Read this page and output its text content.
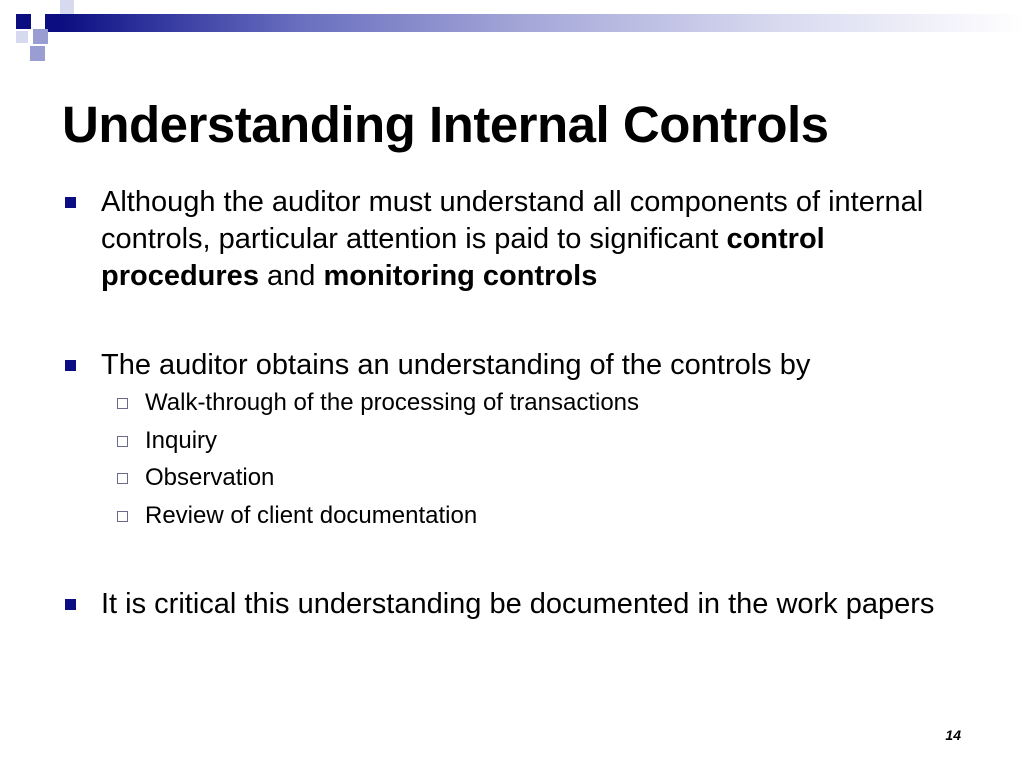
Understanding Internal Controls
Although the auditor must understand all components of internal controls, particular attention is paid to significant control procedures and monitoring controls
The auditor obtains an understanding of the controls by
Walk-through of the processing of transactions
Inquiry
Observation
Review of client documentation
It is critical this understanding be documented in the work papers
14
